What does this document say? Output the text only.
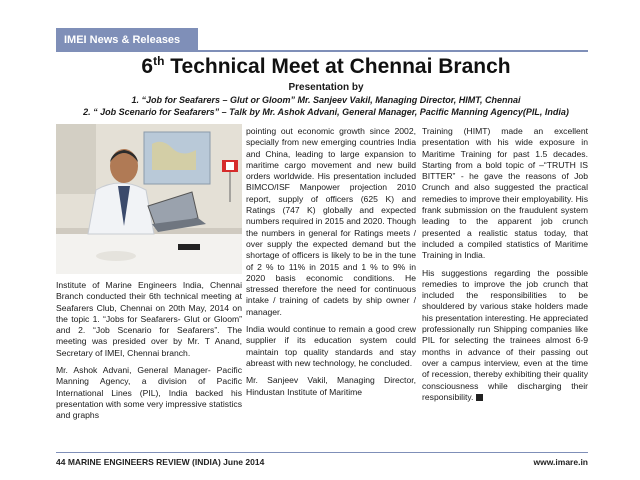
IMEI News & Releases
6th Technical Meet at Chennai Branch
Presentation by
1. “Job for Seafarers – Glut or Gloom” Mr. Sanjeev Vakil, Managing Director, HIMT, Chennai
2. “ Job Scenario for Seafarers” – Talk by Mr. Ashok Advani, General Manager, Pacific Manning Agency(PIL, India)

Institute of Marine Engineers India, Chennai Branch conducted their 6th technical meeting at Seafarers Club, Chennai on 20th May, 2014 on the topic 1. “Jobs for Seafarers- Glut or Gloom” and 2. “Job Scenario for Seafarers”. The meeting was presided over by Mr. T Anand, Secretary of IMEI, Chennai branch.

Mr. Ashok Advani, General Manager- Pacific Manning Agency, a division of Pacific International Lines (PIL), India backed his presentation with some very impressive statistics and graphs

pointing out economic growth since 2002, specially from new emerging countries India and China, leading to large expansion to maritime cargo movement and new build orders worldwide. His presentation included BIMCO/ISF Manpower projection 2010 report, supply of officers (625 K) and Ratings (747 K) globally and expected numbers required in 2015 and 2020. Though the numbers in general for Ratings meets / over supply the expected demand but the shortage of officers is likely to be in the tune of 2 % to 11% in 2015 and 1 % to 9% in 2020 basis economic conditions. He stressed therefore the need for continuous intake / training of cadets by ship owner / manager.

India would continue to remain a good crew supplier if its education system could maintain top quality standards and stay abreast with new technology, he concluded.

Mr. Sanjeev Vakil, Managing Director, Hindustan Institute of Maritime

Training (HIMT) made an excellent presentation with his wide exposure in Maritime Training for past 1.5 decades. Starting from a bold topic of –“TRUTH IS BITTER” - he gave the reasons of Job Crunch and also suggested the practical remedies to improve their employability. His frank submission on the fraudulent system leading to the apparent job crunch presented a realistic status today, that included a compiled statistics of Maritime Training in India.

His suggestions regarding the possible remedies to improve the job crunch that included the responsibilities to be shouldered by various stake holders made his presentation interesting. He appreciated professionally run Shipping companies like PIL for selecting the trainees almost 6-9 months in advance of their passing out over a campus interview, even at the time of recession, thereby exhibiting their quality consciousness while discharging their responsibility.

44 MARINE ENGINEERS REVIEW (INDIA) June 2014	www.imare.in
